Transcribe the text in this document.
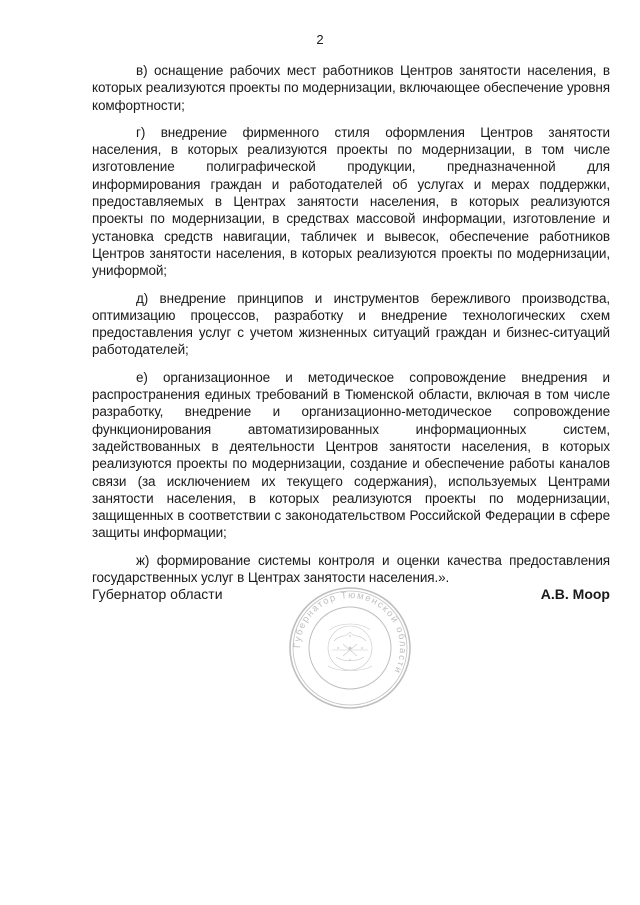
2

в) оснащение рабочих мест работников Центров занятости населения, в которых реализуются проекты по модернизации, включающее обеспечение уровня комфортности;

г) внедрение фирменного стиля оформления Центров занятости населения, в которых реализуются проекты по модернизации, в том числе изготовление полиграфической продукции, предназначенной для информирования граждан и работодателей об услугах и мерах поддержки, предоставляемых в Центрах занятости населения, в которых реализуются проекты по модернизации, в средствах массовой информации, изготовление и установка средств навигации, табличек и вывесок, обеспечение работников Центров занятости населения, в которых реализуются проекты по модернизации, униформой;

д) внедрение принципов и инструментов бережливого производства, оптимизацию процессов, разработку и внедрение технологических схем предоставления услуг с учетом жизненных ситуаций граждан и бизнес-ситуаций работодателей;

е) организационное и методическое сопровождение внедрения и распространения единых требований в Тюменской области, включая в том числе разработку, внедрение и организационно-методическое сопровождение функционирования автоматизированных информационных систем, задействованных в деятельности Центров занятости населения, в которых реализуются проекты по модернизации, создание и обеспечение работы каналов связи (за исключением их текущего содержания), используемых Центрами занятости населения, в которых реализуются проекты по модернизации, защищенных в соответствии с законодательством Российской Федерации в сфере защиты информации;

ж) формирование системы контроля и оценки качества предоставления государственных услуг в Центрах занятости населения.».

Губернатор области	А.В. Моор
Губернатор Тюменской области
